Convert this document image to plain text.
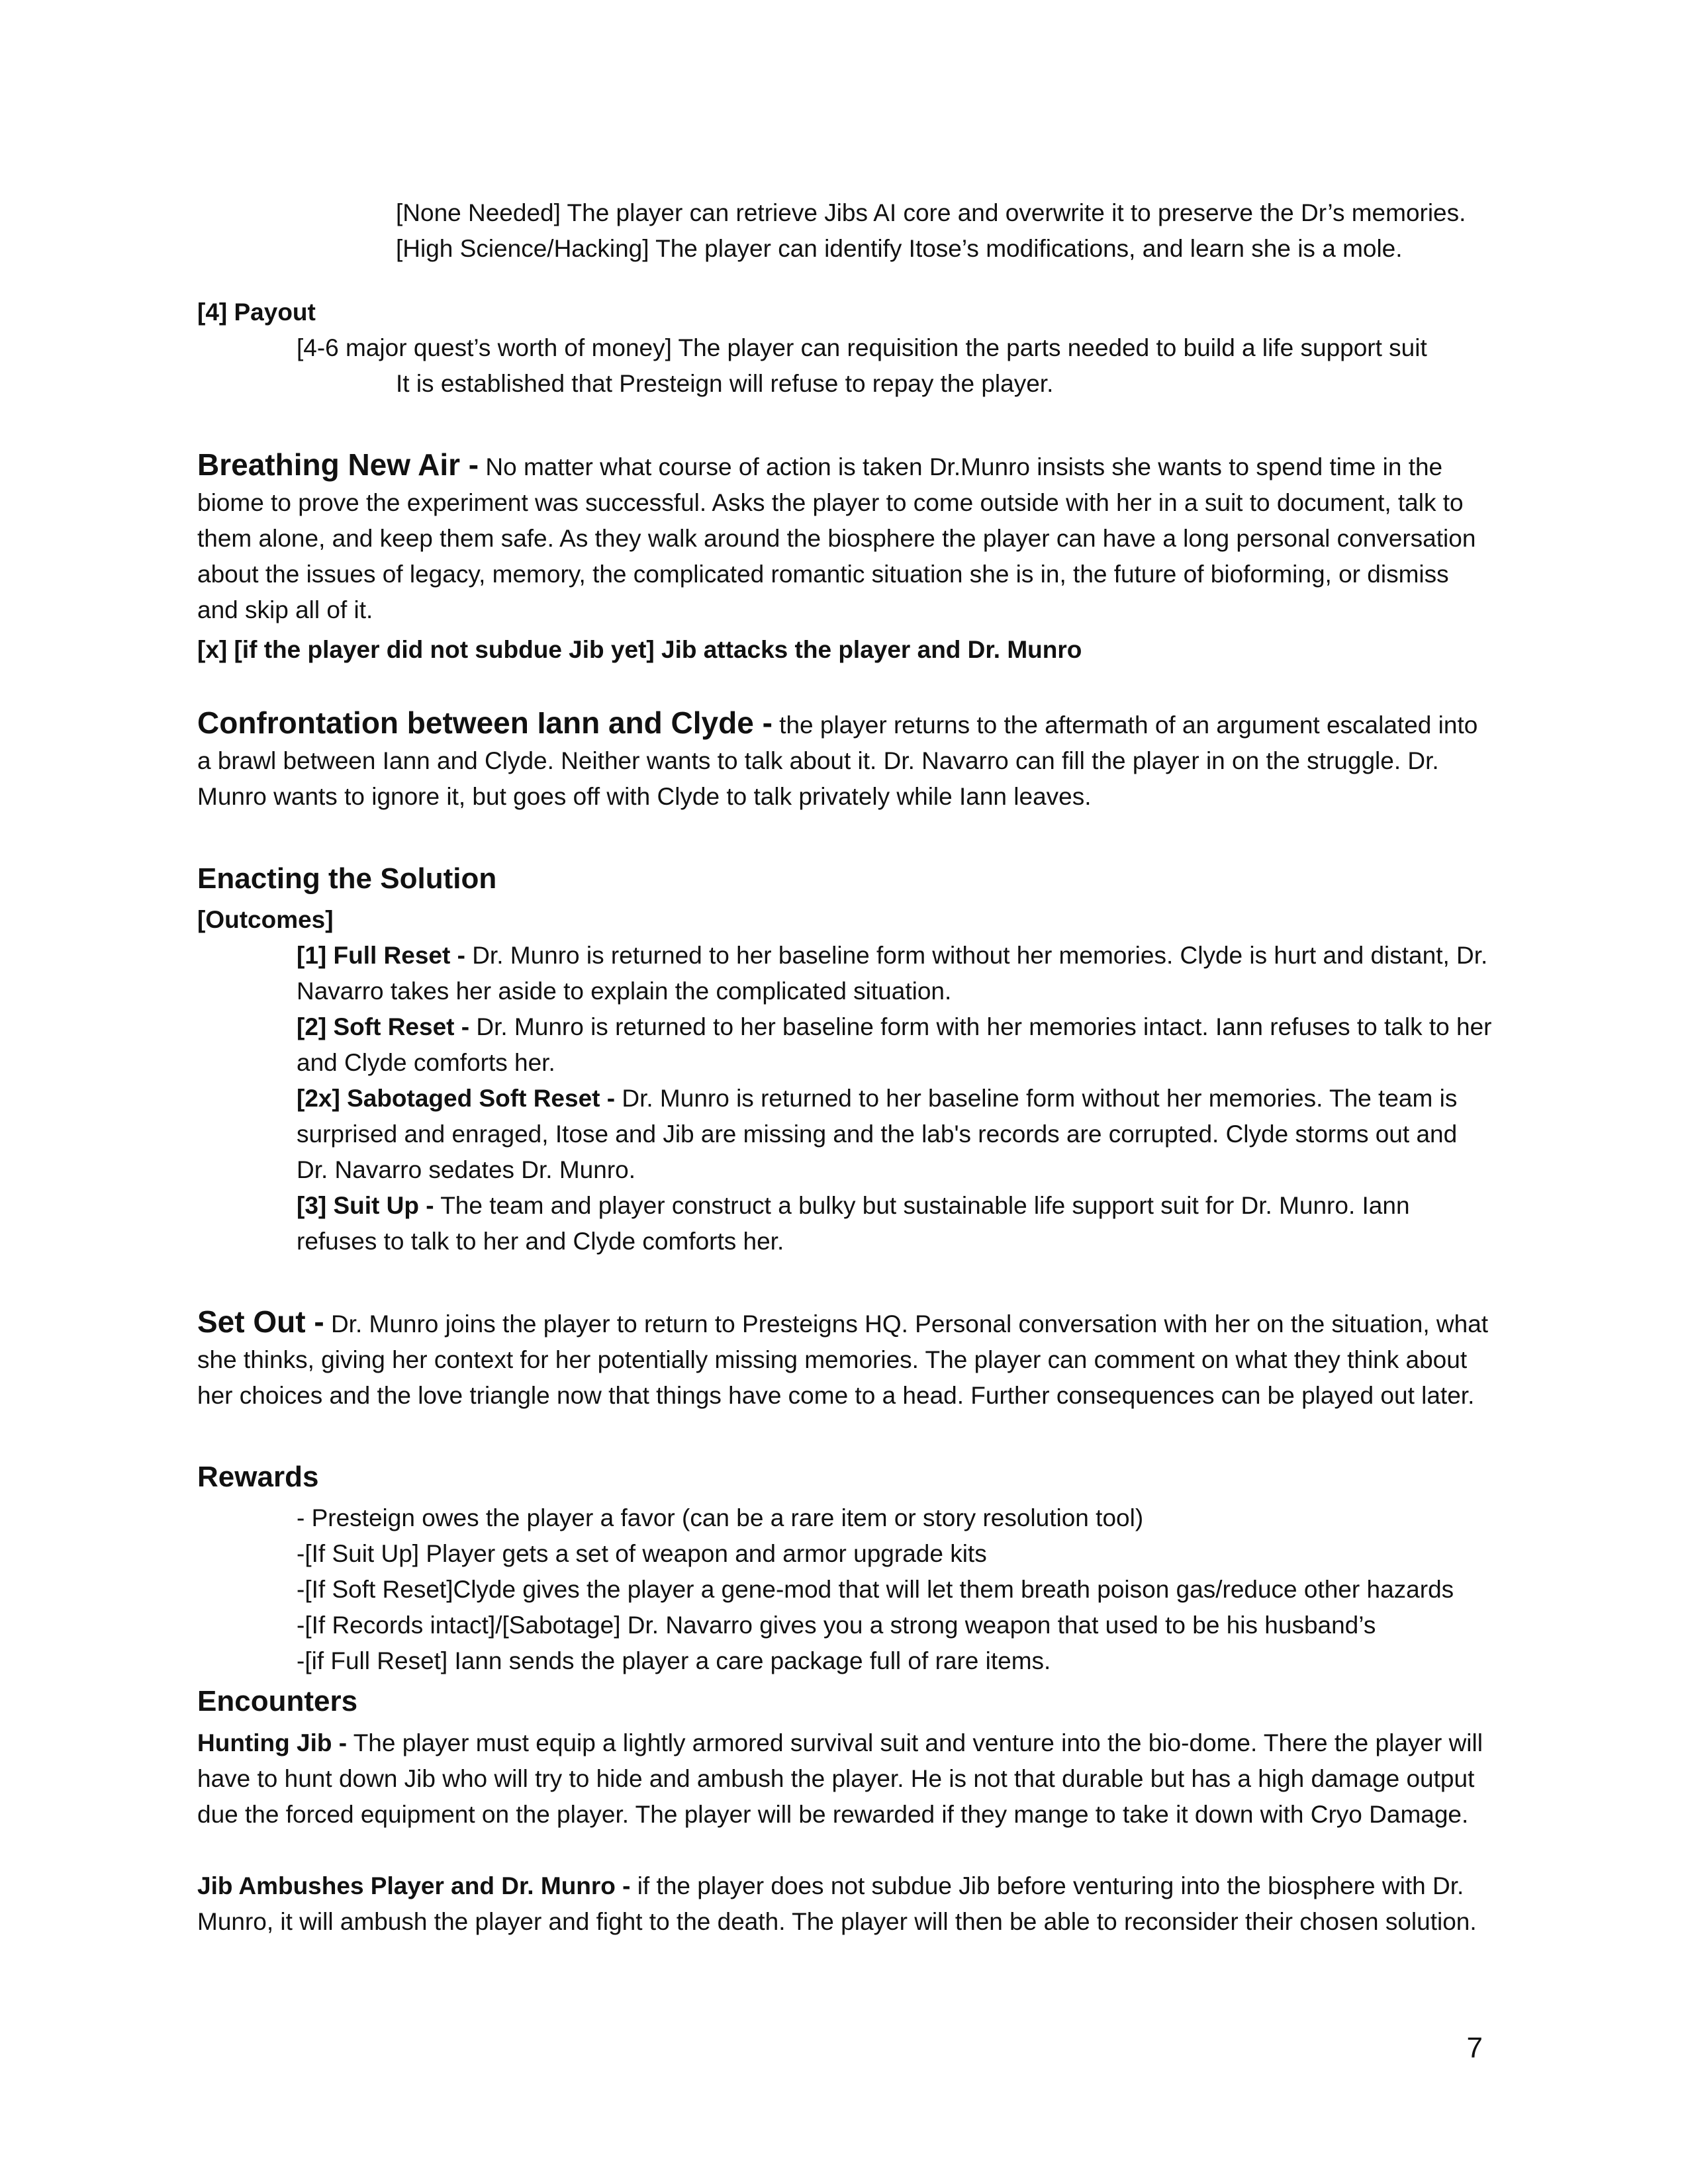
[None Needed] The player can retrieve Jibs AI core and overwrite it to preserve the Dr’s memories.

[High Science/Hacking] The player can identify Itose’s modifications, and learn she is a mole.

[4] Payout

[4-6 major quest’s worth of money] The player can requisition the parts needed to build a life support suit

It is established that Presteign will refuse to repay the player.

Breathing New Air - No matter what course of action is taken Dr.Munro insists she wants to spend time in the biome to prove the experiment was successful. Asks the player to come outside with her in a suit to document, talk to them alone, and keep them safe. As they walk around the biosphere the player can have a long personal conversation about the issues of legacy, memory, the complicated romantic situation she is in, the future of bioforming, or dismiss and skip all of it.

[x] [if the player did not subdue Jib yet] Jib attacks the player and Dr. Munro

Confrontation between Iann and Clyde - the player returns to the aftermath of an argument escalated into a brawl between Iann and Clyde. Neither wants to talk about it. Dr. Navarro can fill the player in on the struggle. Dr. Munro wants to ignore it, but goes off with Clyde to talk privately while Iann leaves.

Enacting the Solution

[Outcomes]

[1] Full Reset - Dr. Munro is returned to her baseline form without her memories. Clyde is hurt and distant, Dr. Navarro takes her aside to explain the complicated situation.

[2] Soft Reset - Dr. Munro is returned to her baseline form with her memories intact. Iann refuses to talk to her and Clyde comforts her.

[2x] Sabotaged Soft Reset - Dr. Munro is returned to her baseline form without her memories. The team is surprised and enraged, Itose and Jib are missing and the lab's records are corrupted. Clyde storms out and Dr. Navarro sedates Dr. Munro.

[3] Suit Up - The team and player construct a bulky but sustainable life support suit for Dr. Munro. Iann refuses to talk to her and Clyde comforts her.

Set Out - Dr. Munro joins the player to return to Presteigns HQ. Personal conversation with her on the situation, what she thinks, giving her context for her potentially missing memories. The player can comment on what they think about her choices and the love triangle now that things have come to a head. Further consequences can be played out later.

Rewards

- Presteign owes the player a favor (can be a rare item or story resolution tool)

-[If Suit Up] Player gets a set of weapon and armor upgrade kits

-[If Soft Reset]Clyde gives the player a gene-mod that will let them breath poison gas/reduce other hazards

-[If Records intact]/[Sabotage] Dr. Navarro gives you a strong weapon that used to be his husband’s

-[if Full Reset] Iann sends the player a care package full of rare items.

Encounters

Hunting Jib - The player must equip a lightly armored survival suit and venture into the bio-dome. There the player will have to hunt down Jib who will try to hide and ambush the player. He is not that durable but has a high damage output due the forced equipment on the player. The player will be rewarded if they mange to take it down with Cryo Damage.

Jib Ambushes Player and Dr. Munro - if the player does not subdue Jib before venturing into the biosphere with Dr. Munro, it will ambush the player and fight to the death. The player will then be able to reconsider their chosen solution.

7
